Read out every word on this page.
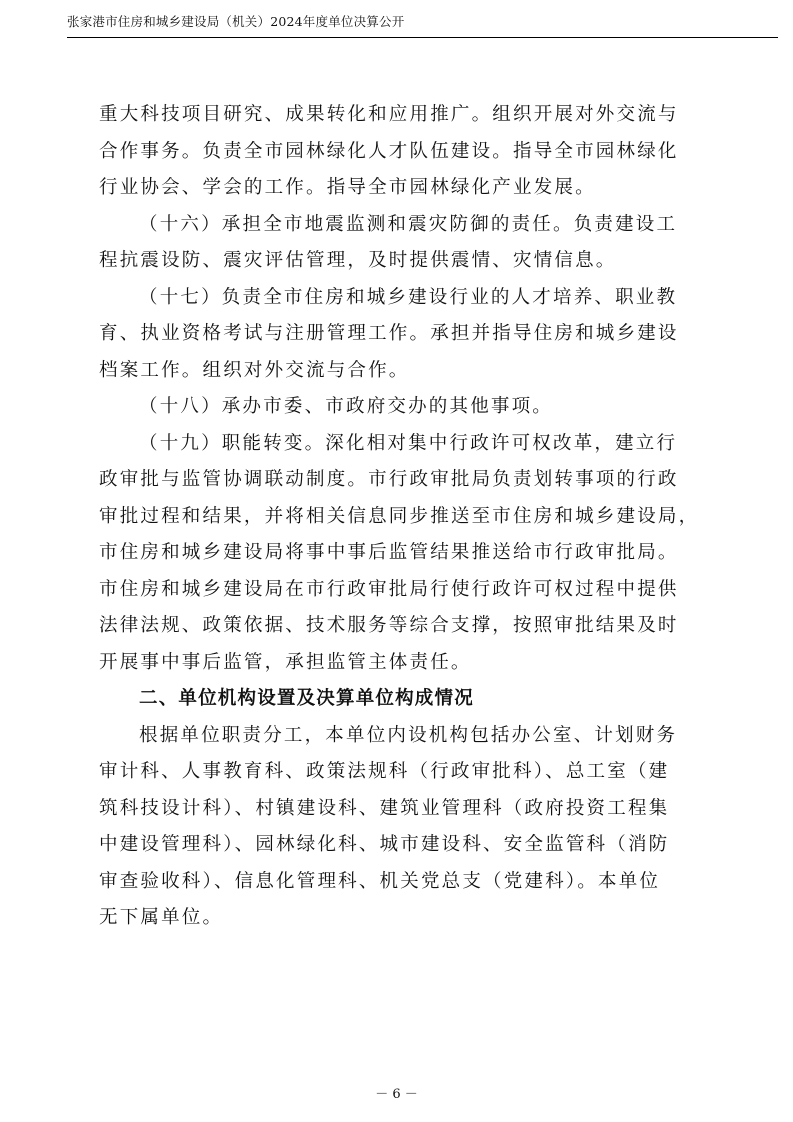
张家港市住房和城乡建设局（机关）2024年度单位决算公开

重大科技项目研究、成果转化和应用推广。组织开展对外交流与
合作事务。负责全市园林绿化人才队伍建设。指导全市园林绿化
行业协会、学会的工作。指导全市园林绿化产业发展。

（十六）承担全市地震监测和震灾防御的责任。负责建设工
程抗震设防、震灾评估管理，及时提供震情、灾情信息。

（十七）负责全市住房和城乡建设行业的人才培养、职业教
育、执业资格考试与注册管理工作。承担并指导住房和城乡建设
档案工作。组织对外交流与合作。

（十八）承办市委、市政府交办的其他事项。

（十九）职能转变。深化相对集中行政许可权改革，建立行
政审批与监管协调联动制度。市行政审批局负责划转事项的行政
审批过程和结果，并将相关信息同步推送至市住房和城乡建设局，
市住房和城乡建设局将事中事后监管结果推送给市行政审批局。
市住房和城乡建设局在市行政审批局行使行政许可权过程中提供
法律法规、政策依据、技术服务等综合支撑，按照审批结果及时
开展事中事后监管，承担监管主体责任。

二、单位机构设置及决算单位构成情况

根据单位职责分工，本单位内设机构包括办公室、计划财务
审计科、人事教育科、政策法规科（行政审批科）、总工室（建
筑科技设计科）、村镇建设科、建筑业管理科（政府投资工程集
中建设管理科）、园林绿化科、城市建设科、安全监管科（消防
审查验收科）、信息化管理科、机关党总支（党建科）。本单位
无下属单位。

－ 6 －
